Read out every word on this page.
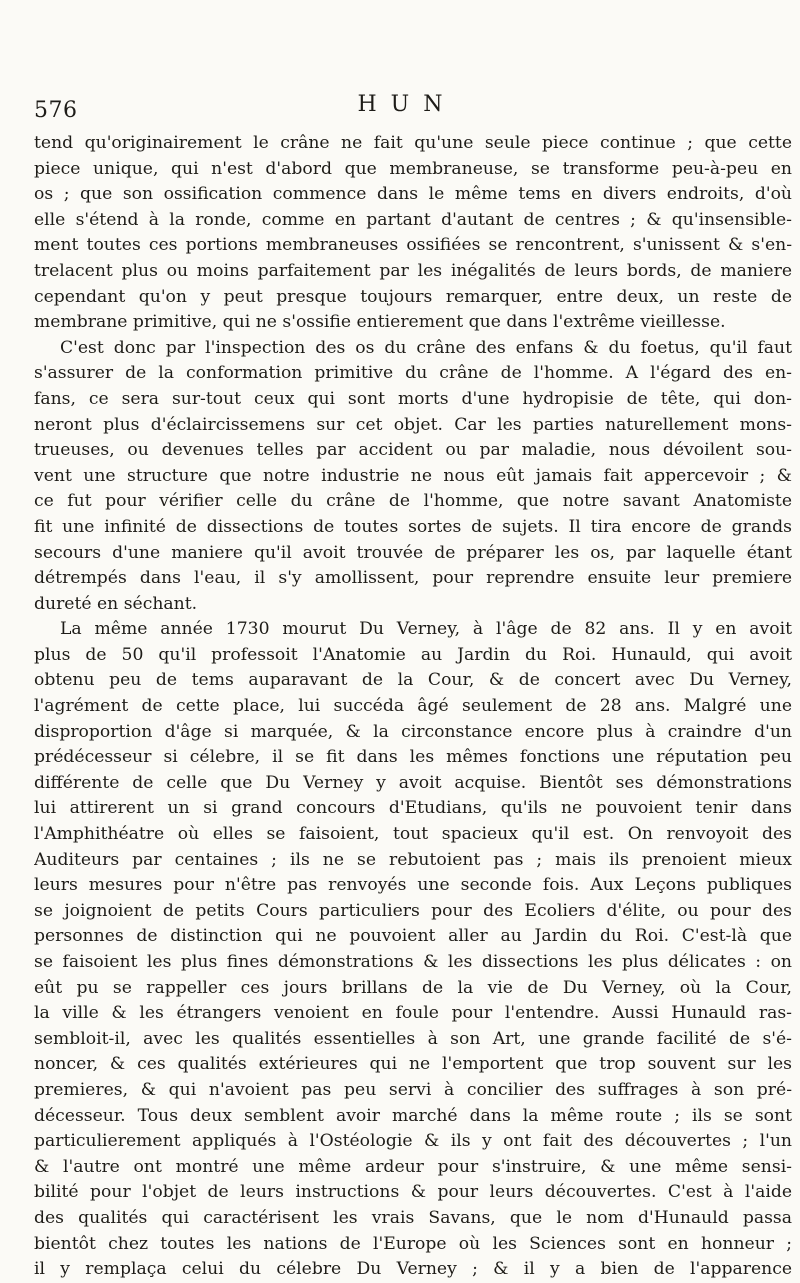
576	HUN
tend qu'originairement le crâne ne fait qu'une seule piece continue ; que cette
piece unique, qui n'est d'abord que membraneuse, se transforme peu-à-peu en
os ; que son ossification commence dans le même tems en divers endroits, d'où
elle s'étend à la ronde, comme en partant d'autant de centres ; & qu'insensible-
ment toutes ces portions membraneuses ossifiées se rencontrent, s'unissent & s'en-
trelacent plus ou moins parfaitement par les inégalités de leurs bords, de maniere
cependant qu'on y peut presque toujours remarquer, entre deux, un reste de
membrane primitive, qui ne s'ossifie entierement que dans l'extrême vieillesse.
C'est donc par l'inspection des os du crâne des enfans & du foetus, qu'il faut
s'assurer de la conformation primitive du crâne de l'homme. A l'égard des en-
fans, ce sera sur-tout ceux qui sont morts d'une hydropisie de tête, qui don-
neront plus d'éclaircissemens sur cet objet. Car les parties naturellement mons-
trueuses, ou devenues telles par accident ou par maladie, nous dévoilent sou-
vent une structure que notre industrie ne nous eût jamais fait appercevoir ; &
ce fut pour vérifier celle du crâne de l'homme, que notre savant Anatomiste
fit une infinité de dissections de toutes sortes de sujets. Il tira encore de grands
secours d'une maniere qu'il avoit trouvée de préparer les os, par laquelle étant
détrempés dans l'eau, il s'y amollissent, pour reprendre ensuite leur premiere
dureté en séchant.
La même année 1730 mourut Du Verney, à l'âge de 82 ans. Il y en avoit
plus de 50 qu'il professoit l'Anatomie au Jardin du Roi. Hunauld, qui avoit
obtenu peu de tems auparavant de la Cour, & de concert avec Du Verney,
l'agrément de cette place, lui succéda âgé seulement de 28 ans. Malgré une
disproportion d'âge si marquée, & la circonstance encore plus à craindre d'un
prédécesseur si célebre, il se fit dans les mêmes fonctions une réputation peu
différente de celle que Du Verney y avoit acquise. Bientôt ses démonstrations
lui attirerent un si grand concours d'Etudians, qu'ils ne pouvoient tenir dans
l'Amphithéatre où elles se faisoient, tout spacieux qu'il est. On renvoyoit des
Auditeurs par centaines ; ils ne se rebutoient pas ; mais ils prenoient mieux
leurs mesures pour n'être pas renvoyés une seconde fois. Aux Leçons publiques
se joignoient de petits Cours particuliers pour des Ecoliers d'élite, ou pour des
personnes de distinction qui ne pouvoient aller au Jardin du Roi. C'est-là que
se faisoient les plus fines démonstrations & les dissections les plus délicates : on
eût pu se rappeller ces jours brillans de la vie de Du Verney, où la Cour,
la ville & les étrangers venoient en foule pour l'entendre. Aussi Hunauld ras-
sembloit-il, avec les qualités essentielles à son Art, une grande facilité de s'é-
noncer, & ces qualités extérieures qui ne l'emportent que trop souvent sur les
premieres, & qui n'avoient pas peu servi à concilier des suffrages à son pré-
décesseur. Tous deux semblent avoir marché dans la même route ; ils se sont
particulierement appliqués à l'Ostéologie & ils y ont fait des découvertes ; l'un
& l'autre ont montré une même ardeur pour s'instruire, & une même sensi-
bilité pour l'objet de leurs instructions & pour leurs découvertes. C'est à l'aide
des qualités qui caractérisent les vrais Savans, que le nom d'Hunauld passa
bientôt chez toutes les nations de l'Europe où les Sciences sont en honneur ;
il y remplaça celui du célebre Du Verney ; & il y a bien de l'apparence
